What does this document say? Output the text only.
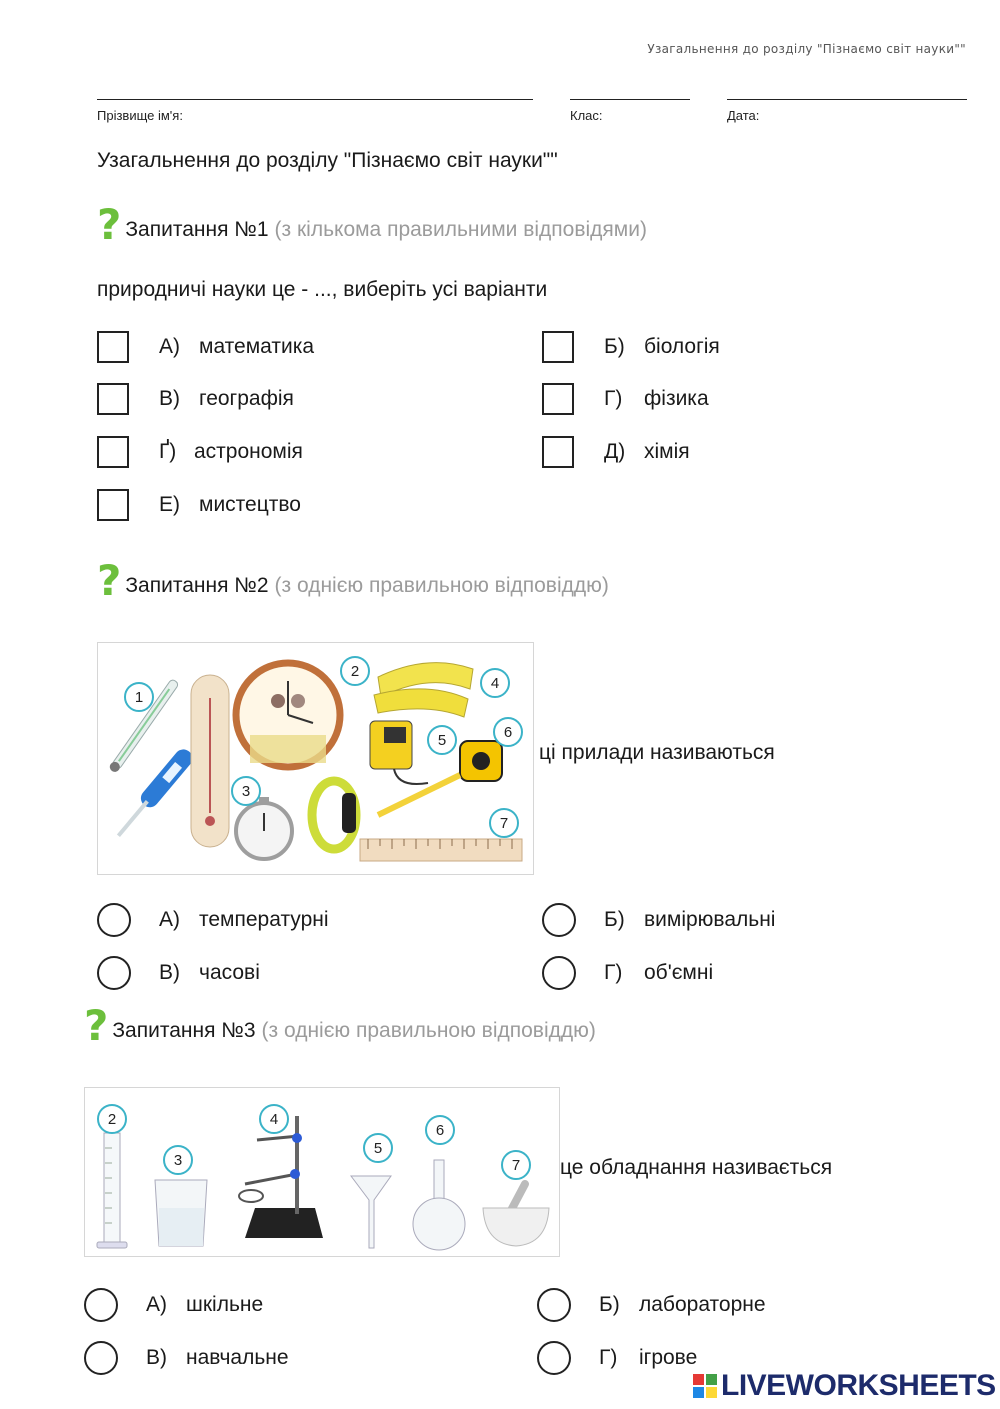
Узагальнення до розділу "Пізнаємо світ науки""
Прізвище ім'я:	Клас:	Дата:
Узагальнення до розділу "Пізнаємо світ науки""
? Запитання №1 (з кількома правильними відповідями)
природничі науки це - ..., виберіть усі варіанти
А) математика	Б) біологія
В) географія	Г)	фізика
Ґ) астрономія	Д) хімія
Е) мистецтво
? Запитання №2 (з однією правильною відповіддю)
1
2
3
4
5	6
7
ці прилади називаються
А) температурні	Б) вимірювальні
В) часові	Г)	об'ємні
? Запитання №3 (з однією правильною відповіддю)
2
3
4
5
6
7 це обладнання називається
А) шкільне	Б) лабораторне
В) навчальне	Г)	ігрове
LIVEWORKSHEETS
